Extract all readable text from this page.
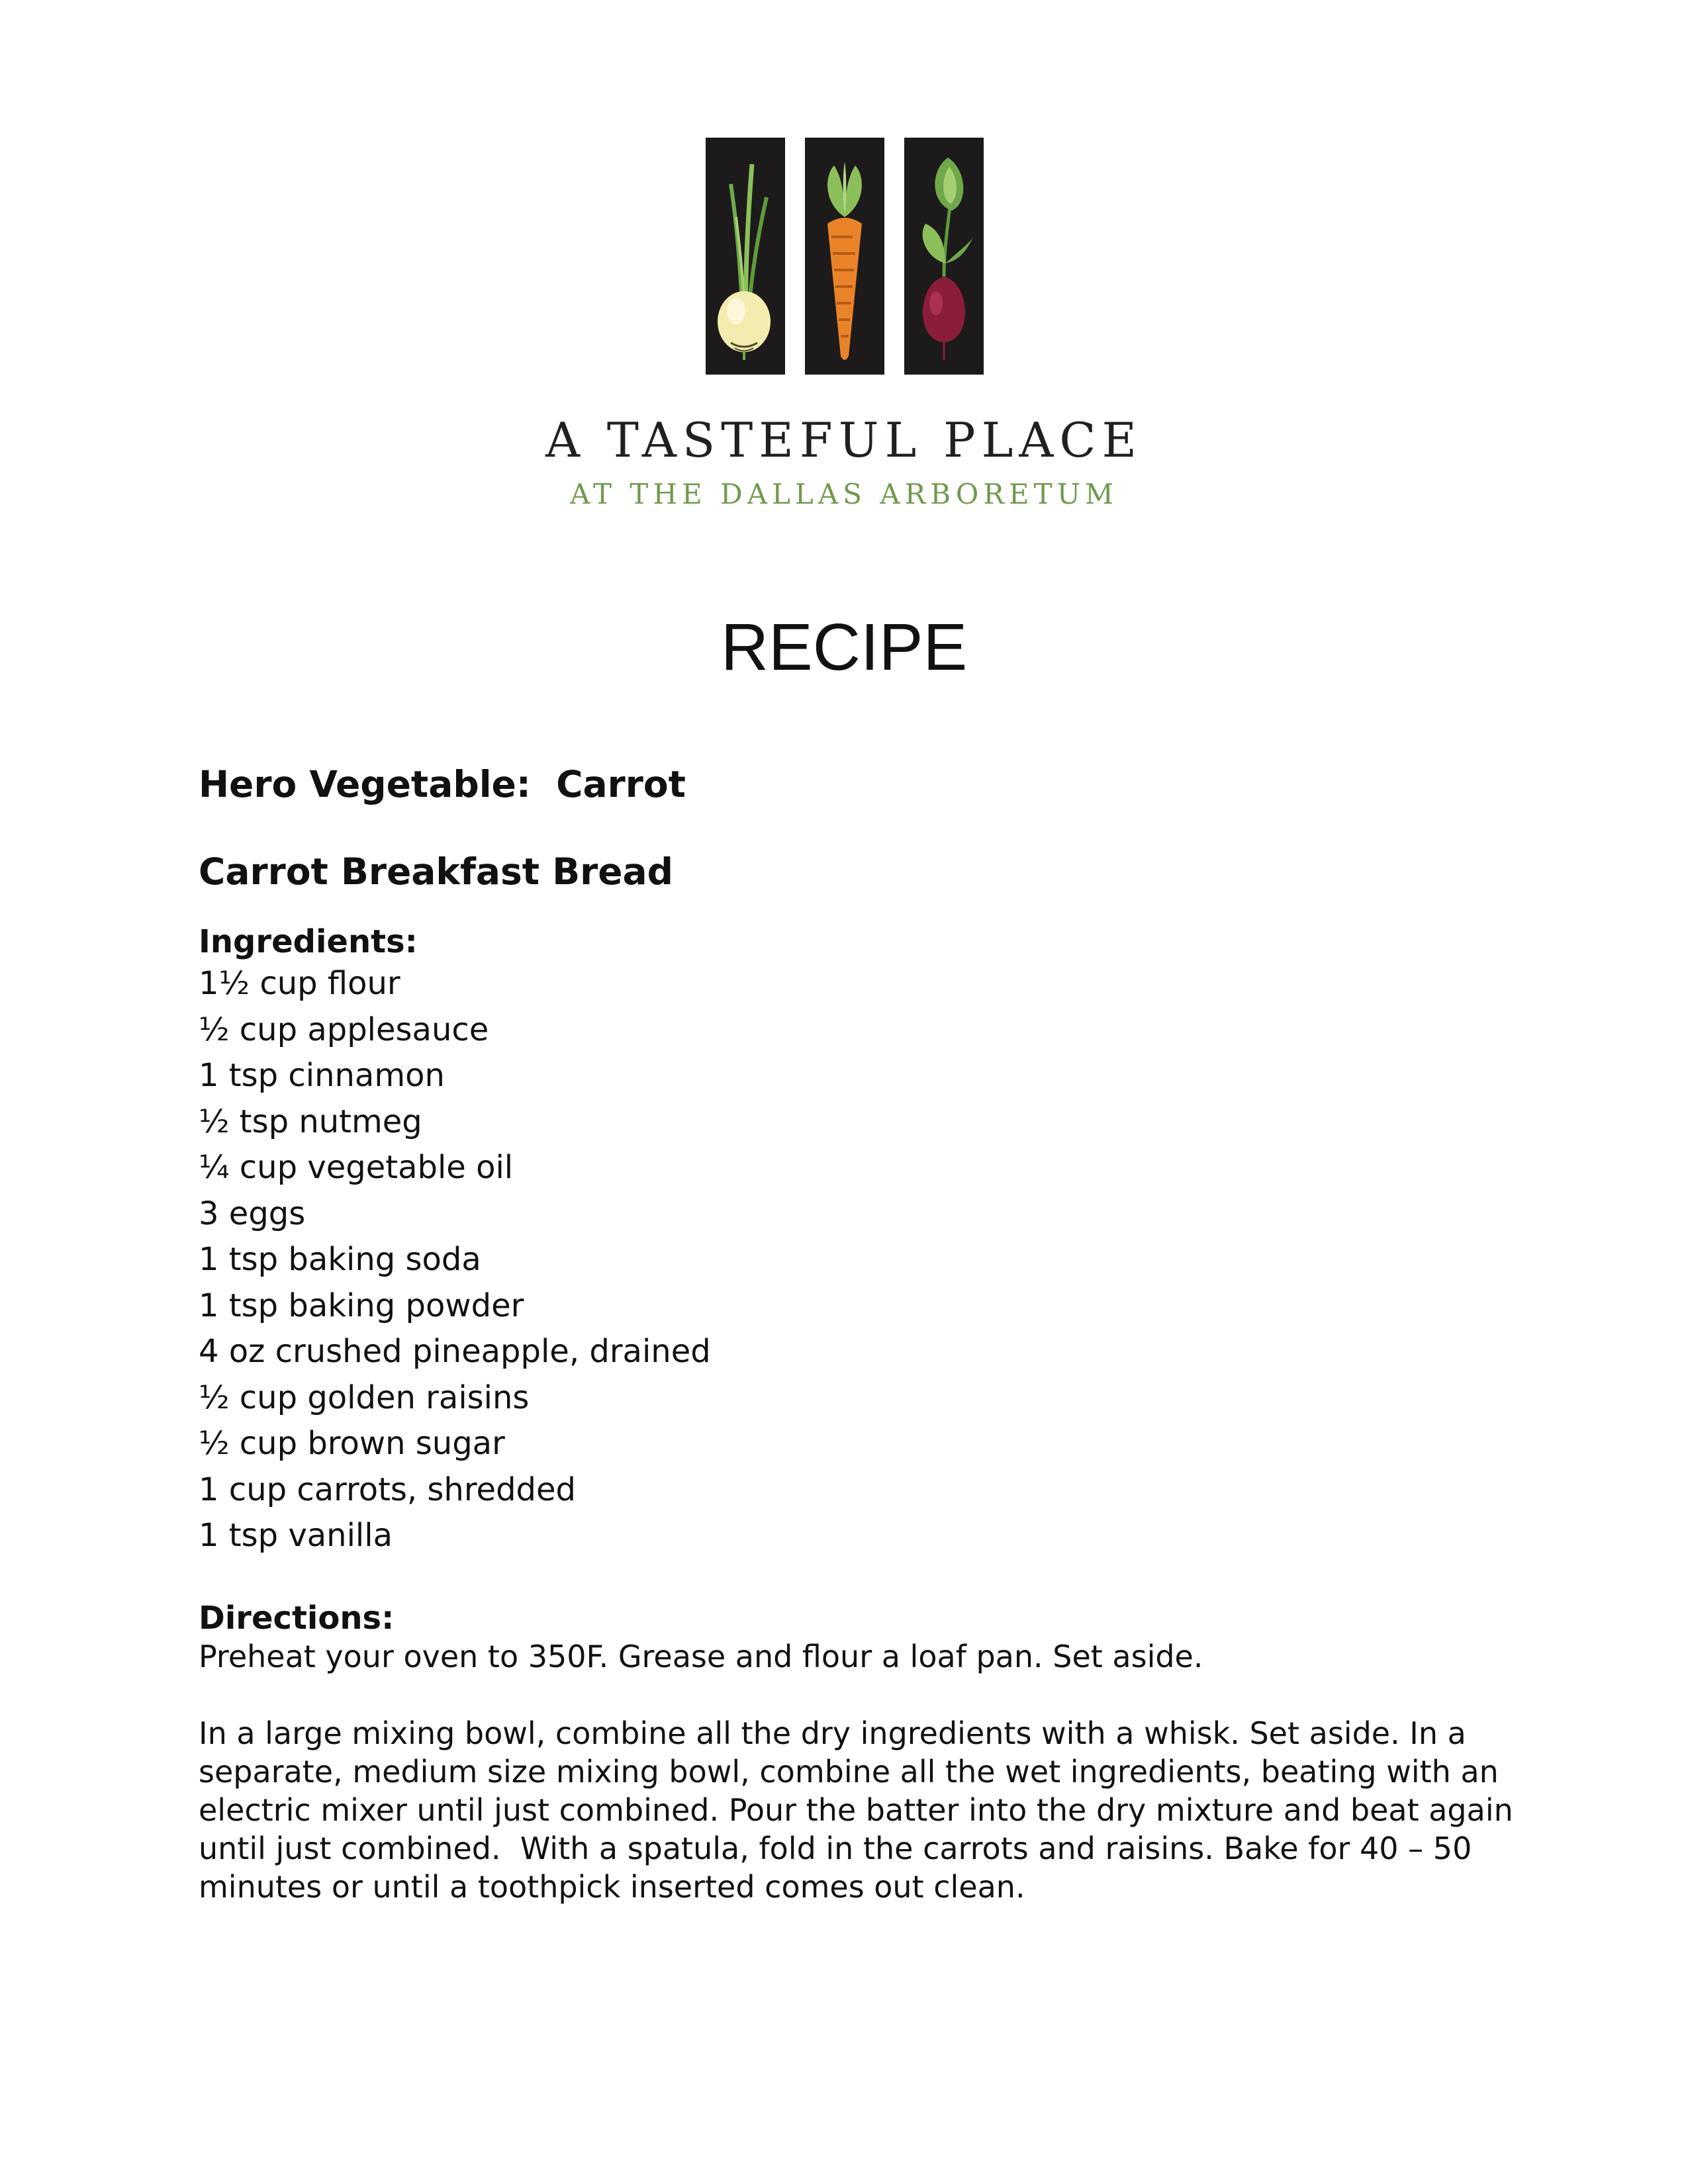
A TASTEFUL PLACE
AT THE DALLAS ARBORETUM
RECIPE

Hero Vegetable:  Carrot

Carrot Breakfast Bread

Ingredients:

1½ cup flour
½ cup applesauce
1 tsp cinnamon
½ tsp nutmeg
¼ cup vegetable oil
3 eggs
1 tsp baking soda
1 tsp baking powder
4 oz crushed pineapple, drained
½ cup golden raisins
½ cup brown sugar
1 cup carrots, shredded
1 tsp vanilla

Directions:

Preheat your oven to 350F. Grease and flour a loaf pan. Set aside.

In a large mixing bowl, combine all the dry ingredients with a whisk. Set aside. In a separate, medium size mixing bowl, combine all the wet ingredients, beating with an electric mixer until just combined. Pour the batter into the dry mixture and beat again until just combined.  With a spatula, fold in the carrots and raisins. Bake for 40 – 50 minutes or until a toothpick inserted comes out clean.
